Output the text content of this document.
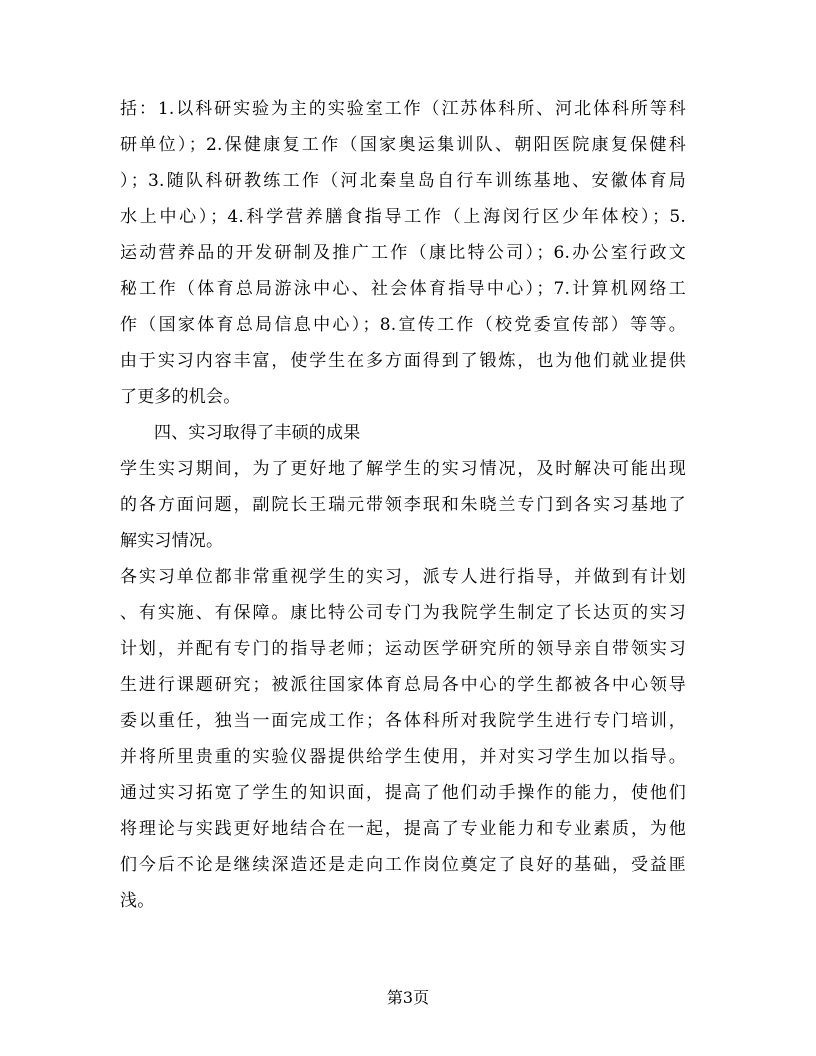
括：1.以科研实验为主的实验室工作（江苏体科所、河北体科所等科
研单位）；2.保健康复工作（国家奥运集训队、朝阳医院康复保健科
）；3.随队科研教练工作（河北秦皇岛自行车训练基地、安徽体育局
水上中心）；4.科学营养膳食指导工作（上海闵行区少年体校）；5.
运动营养品的开发研制及推广工作（康比特公司）；6.办公室行政文
秘工作（体育总局游泳中心、社会体育指导中心）；7.计算机网络工
作（国家体育总局信息中心）；8.宣传工作（校党委宣传部）等等。
由于实习内容丰富，使学生在多方面得到了锻炼，也为他们就业提供
了更多的机会。
四、实习取得了丰硕的成果
学生实习期间，为了更好地了解学生的实习情况，及时解决可能出现
的各方面问题，副院长王瑞元带领李珉和朱晓兰专门到各实习基地了
解实习情况。
各实习单位都非常重视学生的实习，派专人进行指导，并做到有计划
、有实施、有保障。康比特公司专门为我院学生制定了长达页的实习
计划，并配有专门的指导老师；运动医学研究所的领导亲自带领实习
生进行课题研究；被派往国家体育总局各中心的学生都被各中心领导
委以重任，独当一面完成工作；各体科所对我院学生进行专门培训，
并将所里贵重的实验仪器提供给学生使用，并对实习学生加以指导。
通过实习拓宽了学生的知识面，提高了他们动手操作的能力，使他们
将理论与实践更好地结合在一起，提高了专业能力和专业素质，为他
们今后不论是继续深造还是走向工作岗位奠定了良好的基础，受益匪
浅。
第3页
